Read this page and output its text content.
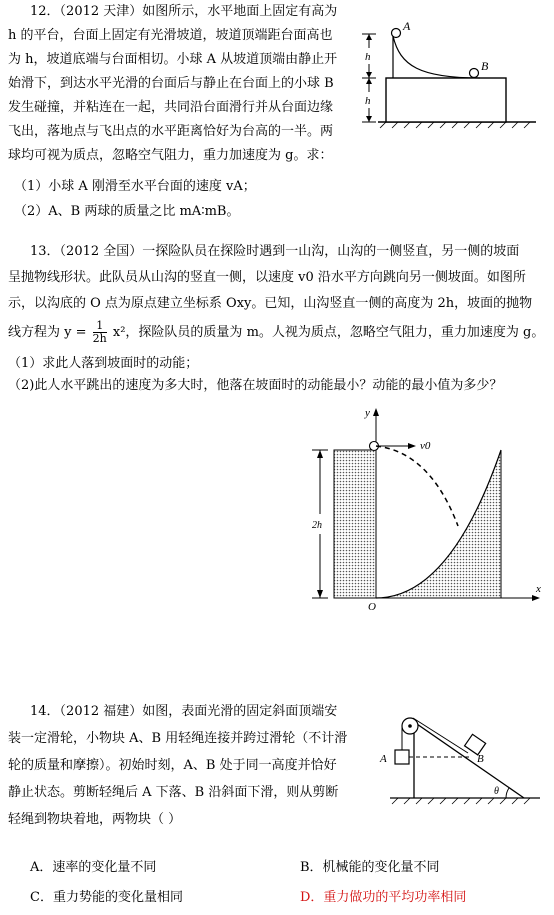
12．（2012 天津）如图所示，水平地面上固定有高为
h 的平台，台面上固定有光滑坡道，坡道顶端距台面高也
为 h，坡道底端与台面相切。小球 A 从坡道顶端由静止开
始滑下，到达水平光滑的台面后与静止在台面上的小球 B
发生碰撞，并粘连在一起，共同沿台面滑行并从台面边缘
飞出，落地点与飞出点的水平距离恰好为台高的一半。两
球均可视为质点，忽略空气阻力，重力加速度为 g。求：
（1）小球 A 刚滑至水平台面的速度 vA；
（2）A、B 两球的质量之比 mA∶mB。
A
B
h
h
13．（2012 全国）一探险队员在探险时遇到一山沟，山沟的一侧竖直，另一侧的坡面
呈抛物线形状。此队员从山沟的竖直一侧，以速度 v0 沿水平方向跳向另一侧坡面。如图所
示，以沟底的 O 点为原点建立坐标系 Oxy。已知，山沟竖直一侧的高度为 2h，坡面的抛物
线方程为 $y = \frac{1}{2h} x^2$，探险队员的质量为 m。人视为质点，忽略空气阻力，重力加速度为 g。
（1）求此人落到坡面时的动能；
（2)此人水平跳出的速度为多大时，他落在坡面时的动能最小？动能的最小值为多少？
2h
y
x
O
v0
14．（2012 福建）如图，表面光滑的固定斜面顶端安
装一定滑轮，小物块 A、B 用轻绳连接并跨过滑轮（不计滑
轮的质量和摩擦）。初始时刻，A、B 处于同一高度并恰好
静止状态。剪断轻绳后 A 下落、B 沿斜面下滑，则从剪断
轻绳到物块着地，两物块（ ）
A．速率的变化量不同	B．机械能的变化量不同
C．重力势能的变化量相同	D．重力做功的平均功率相同
A	B
θ
